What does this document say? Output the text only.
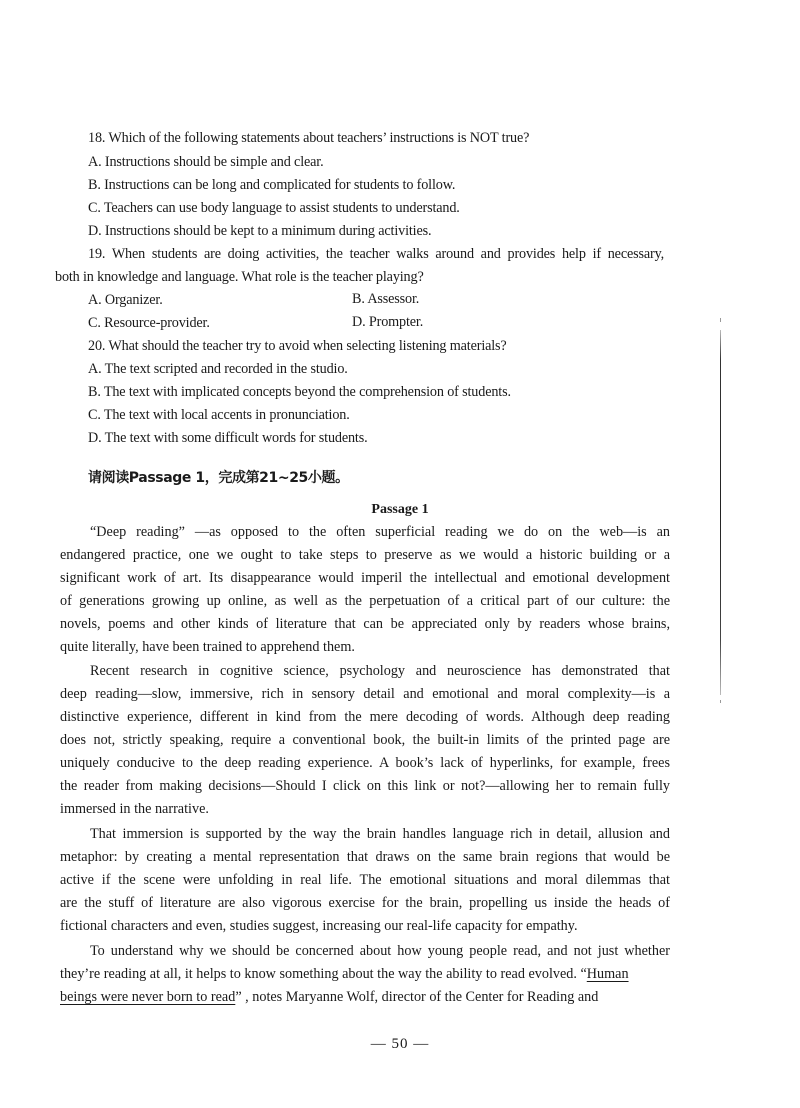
18. Which of the following statements about teachers’ instructions is NOT true?
A. Instructions should be simple and clear.
B. Instructions can be long and complicated for students to follow.
C. Teachers can use body language to assist students to understand.
D. Instructions should be kept to a minimum during activities.
19. When students are doing activities, the teacher walks around and provides help if necessary,
both in knowledge and language. What role is the teacher playing?
A. Organizer.	B. Assessor.
C. Resource-provider.	D. Prompter.
20. What should the teacher try to avoid when selecting listening materials?
A. The text scripted and recorded in the studio.
B. The text with implicated concepts beyond the comprehension of students.
C. The text with local accents in pronunciation.
D. The text with some difficult words for students.
请阅读Passage 1，完成第21~25小题。
Passage 1
“Deep reading” —as opposed to the often superficial reading we do on the web—is an
endangered practice, one we ought to take steps to preserve as we would a historic building or a
significant work of art. Its disappearance would imperil the intellectual and emotional development
of generations growing up online, as well as the perpetuation of a critical part of our culture: the
novels, poems and other kinds of literature that can be appreciated only by readers whose brains,
quite literally, have been trained to apprehend them.
Recent research in cognitive science, psychology and neuroscience has demonstrated that
deep reading—slow, immersive, rich in sensory detail and emotional and moral complexity—is a
distinctive experience, different in kind from the mere decoding of words. Although deep reading
does not, strictly speaking, require a conventional book, the built-in limits of the printed page are
uniquely conducive to the deep reading experience. A book’s lack of hyperlinks, for example, frees
the reader from making decisions—Should I click on this link or not?—allowing her to remain fully
immersed in the narrative.
That immersion is supported by the way the brain handles language rich in detail, allusion and
metaphor: by creating a mental representation that draws on the same brain regions that would be
active if the scene were unfolding in real life. The emotional situations and moral dilemmas that
are the stuff of literature are also vigorous exercise for the brain, propelling us inside the heads of
fictional characters and even, studies suggest, increasing our real-life capacity for empathy.
To understand why we should be concerned about how young people read, and not just whether
they’re reading at all, it helps to know something about the way the ability to read evolved. “Human
beings were never born to read” , notes Maryanne Wolf, director of the Center for Reading and
— 50 —
